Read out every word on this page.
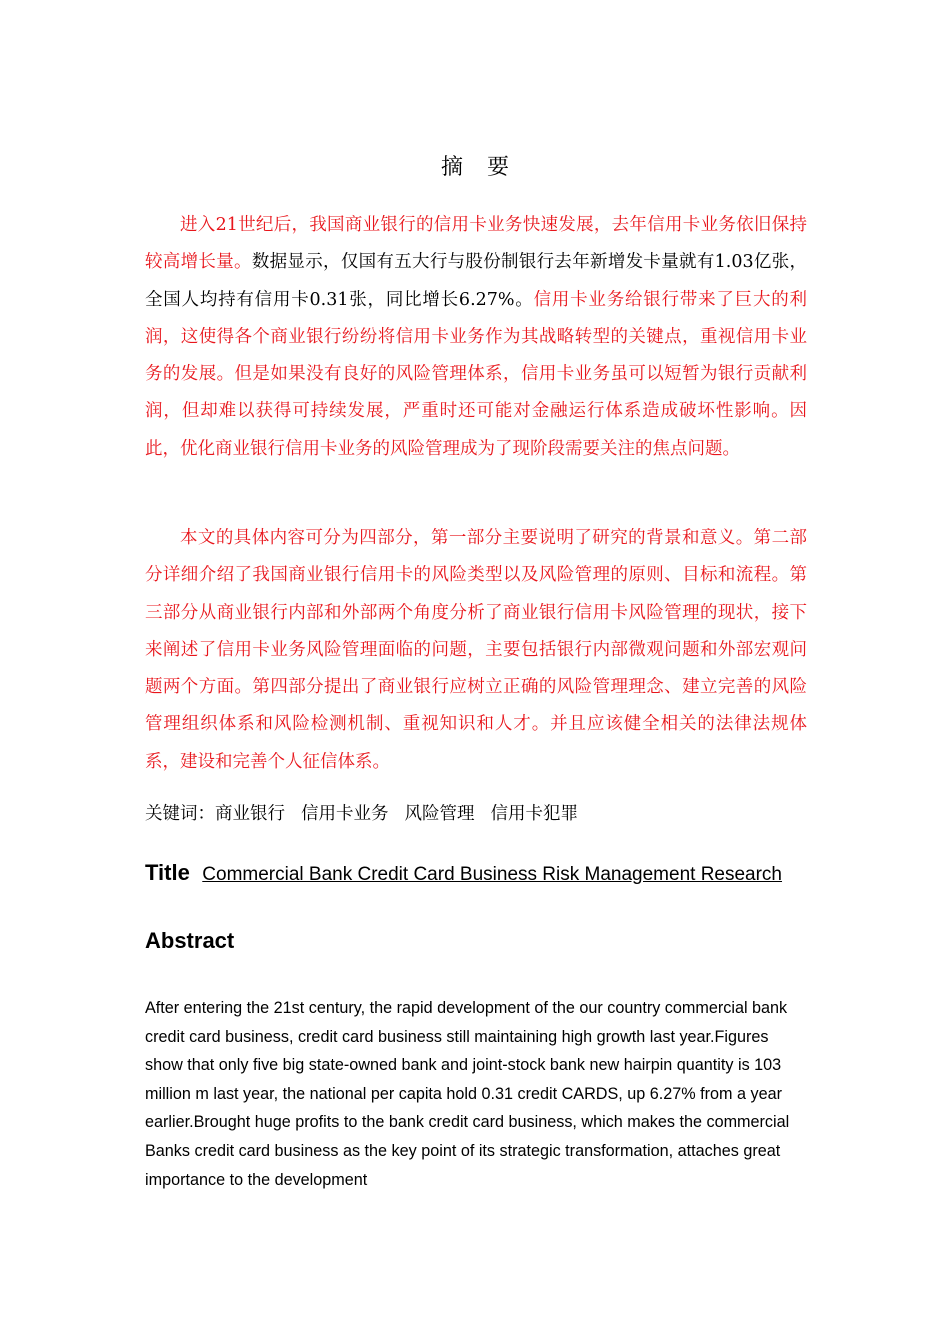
摘要

进入21世纪后，我国商业银行的信用卡业务快速发展，去年信用卡业务依旧保持较高增长量。数据显示，仅国有五大行与股份制银行去年新增发卡量就有1.03亿张，全国人均持有信用卡0.31张，同比增长6.27%。信用卡业务给银行带来了巨大的利润，这使得各个商业银行纷纷将信用卡业务作为其战略转型的关键点，重视信用卡业务的发展。但是如果没有良好的风险管理体系，信用卡业务虽可以短暂为银行贡献利润，但却难以获得可持续发展，严重时还可能对金融运行体系造成破坏性影响。因此，优化商业银行信用卡业务的风险管理成为了现阶段需要关注的焦点问题。

本文的具体内容可分为四部分，第一部分主要说明了研究的背景和意义。第二部分详细介绍了我国商业银行信用卡的风险类型以及风险管理的原则、目标和流程。第三部分从商业银行内部和外部两个角度分析了商业银行信用卡风险管理的现状，接下来阐述了信用卡业务风险管理面临的问题，主要包括银行内部微观问题和外部宏观问题两个方面。第四部分提出了商业银行应树立正确的风险管理理念、建立完善的风险管理组织体系和风险检测机制、重视知识和人才。并且应该健全相关的法律法规体系，建设和完善个人征信体系。

关键词：商业银行 信用卡业务 风险管理 信用卡犯罪
Title Commercial Bank Credit Card Business Risk Management Research
Abstract

After entering the 21st century, the rapid development of the our country commercial bank credit card business, credit card business still maintaining high growth last year.Figures show that only five big state-owned bank and joint-stock bank new hairpin quantity is 103 million m last year, the national per capita hold 0.31 credit CARDS, up 6.27% from a year earlier.Brought huge profits to the bank credit card business, which makes the commercial Banks credit card business as the key point of its strategic transformation, attaches great importance to the development
